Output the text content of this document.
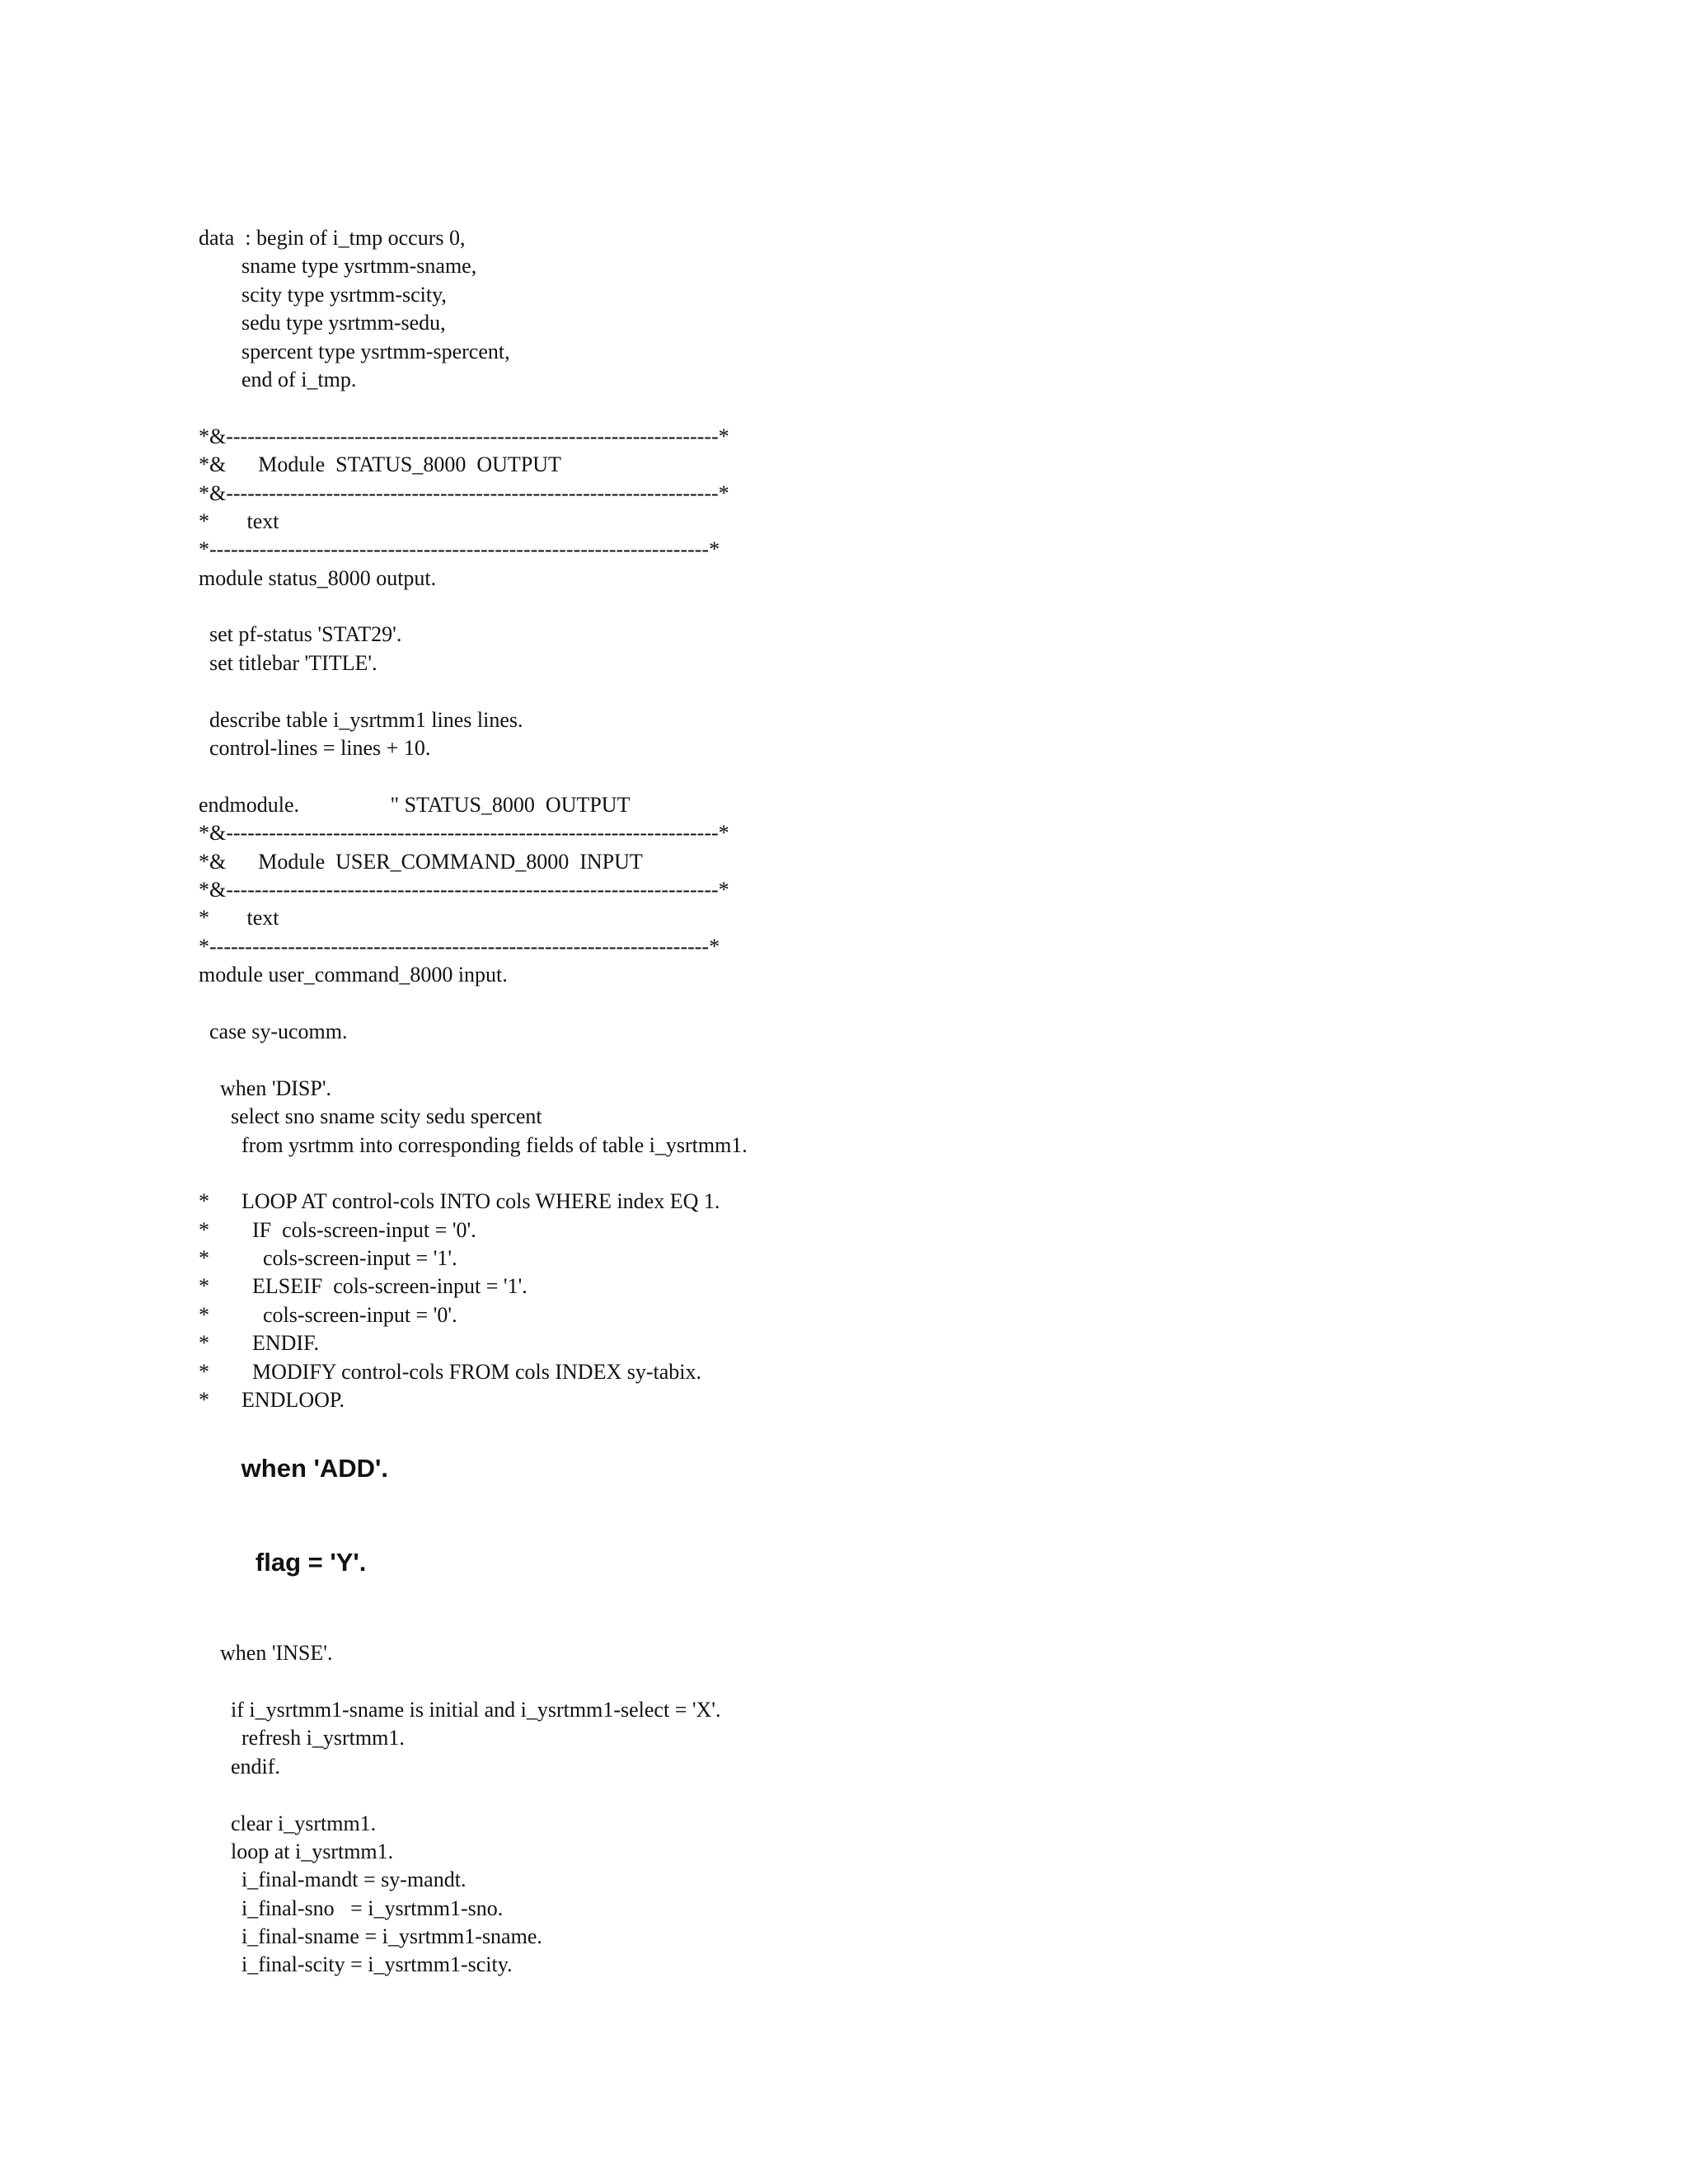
data  : begin of i_tmp occurs 0,
sname type ysrtmm-sname,
scity type ysrtmm-scity,
sedu type ysrtmm-sedu,
spercent type ysrtmm-spercent,
end of i_tmp.
*&---------------------------------------------------------------------*
*&      Module  STATUS_8000  OUTPUT
*&---------------------------------------------------------------------*
*       text
*----------------------------------------------------------------------*
module status_8000 output.
set pf-status 'STAT29'.
set titlebar 'TITLE'.
describe table i_ysrtmm1 lines lines.
control-lines = lines + 10.
endmodule.                 " STATUS_8000  OUTPUT
*&---------------------------------------------------------------------*
*&      Module  USER_COMMAND_8000  INPUT
*&---------------------------------------------------------------------*
*       text
*----------------------------------------------------------------------*
module user_command_8000 input.
case sy-ucomm.
when 'DISP'.
select sno sname scity sedu spercent
from ysrtmm into corresponding fields of table i_ysrtmm1.
*      LOOP AT control-cols INTO cols WHERE index EQ 1.
*        IF  cols-screen-input = '0'.
*          cols-screen-input = '1'.
*        ELSEIF  cols-screen-input = '1'.
*          cols-screen-input = '0'.
*        ENDIF.
*        MODIFY control-cols FROM cols INDEX sy-tabix.
*      ENDLOOP.
when 'ADD'.
flag = 'Y'.
when 'INSE'.
if i_ysrtmm1-sname is initial and i_ysrtmm1-select = 'X'.
refresh i_ysrtmm1.
endif.
clear i_ysrtmm1.
loop at i_ysrtmm1.
i_final-mandt = sy-mandt.
i_final-sno   = i_ysrtmm1-sno.
i_final-sname = i_ysrtmm1-sname.
i_final-scity = i_ysrtmm1-scity.
